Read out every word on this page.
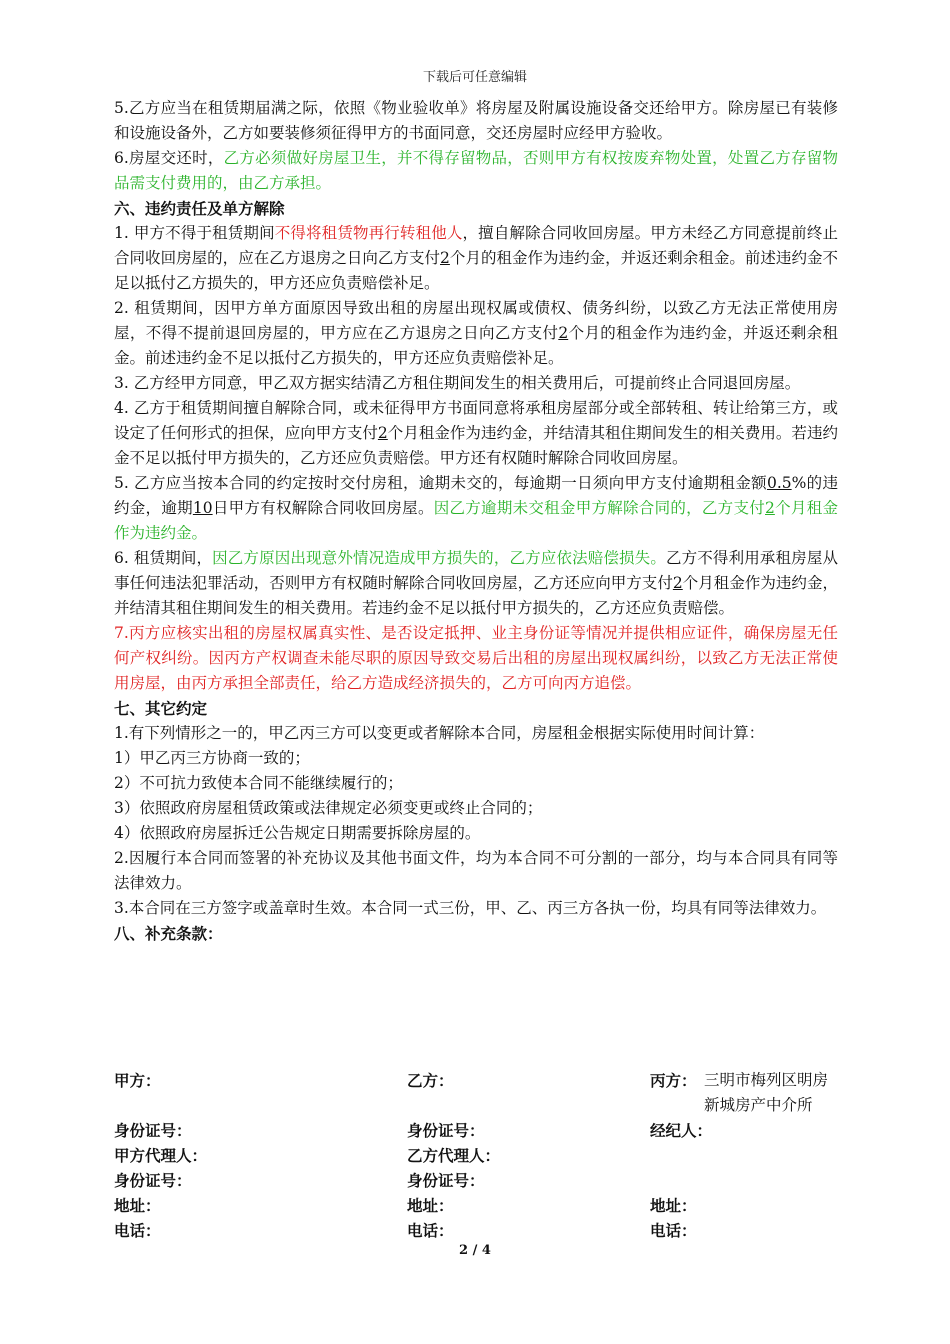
下载后可任意编辑

5.乙方应当在租赁期届满之际，依照《物业验收单》将房屋及附属设施设备交还给甲方。除房屋已有装修和设施设备外，乙方如要装修须征得甲方的书面同意，交还房屋时应经甲方验收。

6.房屋交还时，乙方必须做好房屋卫生，并不得存留物品，否则甲方有权按废弃物处置，处置乙方存留物品需支付费用的，由乙方承担。

六、违约责任及单方解除

1. 甲方不得于租赁期间不得将租赁物再行转租他人，擅自解除合同收回房屋。甲方未经乙方同意提前终止合同收回房屋的，应在乙方退房之日向乙方支付2个月的租金作为违约金，并返还剩余租金。前述违约金不足以抵付乙方损失的，甲方还应负责赔偿补足。

2. 租赁期间，因甲方单方面原因导致出租的房屋出现权属或债权、债务纠纷，以致乙方无法正常使用房屋，不得不提前退回房屋的，甲方应在乙方退房之日向乙方支付2个月的租金作为违约金，并返还剩余租金。前述违约金不足以抵付乙方损失的，甲方还应负责赔偿补足。

3. 乙方经甲方同意，甲乙双方据实结清乙方租住期间发生的相关费用后，可提前终止合同退回房屋。

4. 乙方于租赁期间擅自解除合同，或未征得甲方书面同意将承租房屋部分或全部转租、转让给第三方，或设定了任何形式的担保，应向甲方支付2个月租金作为违约金，并结清其租住期间发生的相关费用。若违约金不足以抵付甲方损失的，乙方还应负责赔偿。甲方还有权随时解除合同收回房屋。

5. 乙方应当按本合同的约定按时交付房租，逾期未交的，每逾期一日须向甲方支付逾期租金额0.5%的违约金，逾期10日甲方有权解除合同收回房屋。因乙方逾期未交租金甲方解除合同的，乙方支付2个月租金作为违约金。

6. 租赁期间，因乙方原因出现意外情况造成甲方损失的，乙方应依法赔偿损失。乙方不得利用承租房屋从事任何违法犯罪活动，否则甲方有权随时解除合同收回房屋，乙方还应向甲方支付2个月租金作为违约金，并结清其租住期间发生的相关费用。若违约金不足以抵付甲方损失的，乙方还应负责赔偿。

7.丙方应核实出租的房屋权属真实性、是否设定抵押、业主身份证等情况并提供相应证件，确保房屋无任何产权纠纷。因丙方产权调查未能尽职的原因导致交易后出租的房屋出现权属纠纷，以致乙方无法正常使用房屋，由丙方承担全部责任，给乙方造成经济损失的，乙方可向丙方追偿。

七、其它约定

1.有下列情形之一的，甲乙丙三方可以变更或者解除本合同，房屋租金根据实际使用时间计算：

1）甲乙丙三方协商一致的；

2）不可抗力致使本合同不能继续履行的；

3）依照政府房屋租赁政策或法律规定必须变更或终止合同的；

4）依照政府房屋拆迁公告规定日期需要拆除房屋的。

2.因履行本合同而签署的补充协议及其他书面文件，均为本合同不可分割的一部分，均与本合同具有同等法律效力。

3.本合同在三方签字或盖章时生效。本合同一式三份，甲、乙、丙三方各执一份，均具有同等法律效力。

八、补充条款：

甲方：	乙方：	丙方： 三明市梅列区明房新城房产中介所
身份证号：	身份证号：	经纪人：
甲方代理人：	乙方代理人：
身份证号：	身份证号：
地址：	地址：	地址：
电话：	电话：	电话：
2 / 4
